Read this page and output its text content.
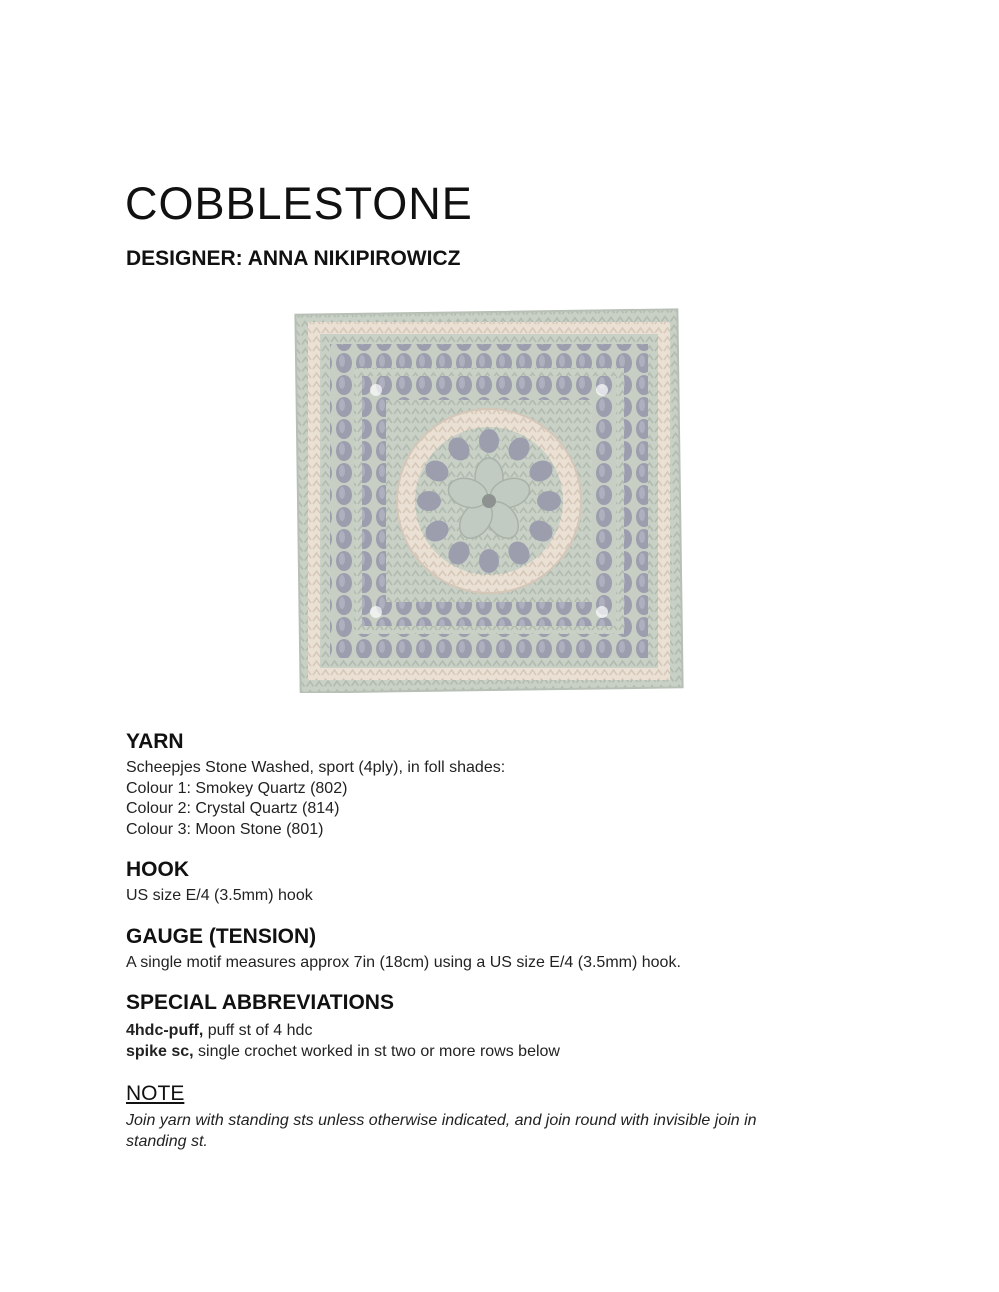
COBBLESTONE
DESIGNER: ANNA NIKIPIROWICZ
YARN

Scheepjes Stone Washed, sport (4ply), in foll shades:

Colour 1: Smokey Quartz (802)

Colour 2: Crystal Quartz (814)

Colour 3: Moon Stone (801)

HOOK

US size E/4 (3.5mm) hook

GAUGE (TENSION)

A single motif measures approx 7in (18cm) using a US size E/4 (3.5mm) hook.

SPECIAL ABBREVIATIONS

4hdc-puff, puff st of 4 hdc

spike sc, single crochet worked in st two or more rows below

NOTE

Join yarn with standing sts unless otherwise indicated, and join round with invisible join in

standing st.
